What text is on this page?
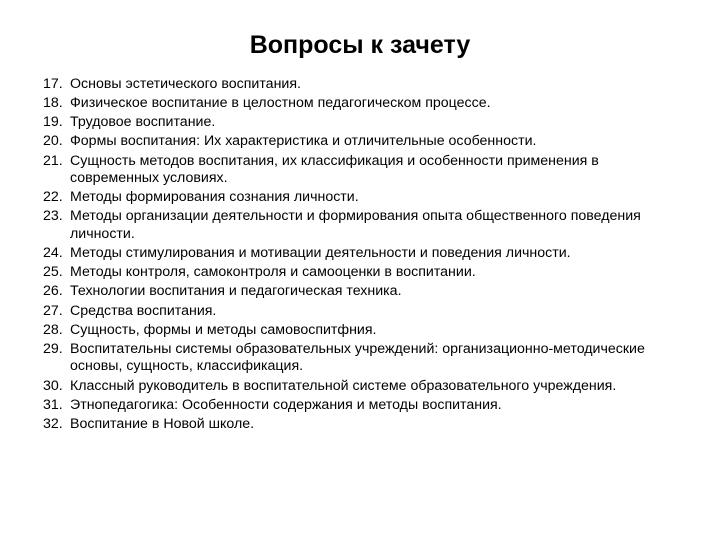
Вопросы к зачету
17. Основы эстетического воспитания.
18. Физическое воспитание в целостном педагогическом процессе.
19. Трудовое воспитание.
20. Формы воспитания: Их характеристика и отличительные особенности.
21. Сущность методов воспитания, их классификация и особенности применения в современных условиях.
22. Методы формирования сознания личности.
23. Методы организации деятельности и формирования опыта общественного поведения личности.
24. Методы стимулирования и мотивации деятельности и поведения личности.
25. Методы контроля, самоконтроля и самооценки в воспитании.
26. Технологии воспитания и педагогическая техника.
27. Средства воспитания.
28. Сущность, формы и методы самовоспитфния.
29. Воспитательны системы образовательных учреждений: организационно-методические основы, сущность, классификация.
30. Классный руководитель в воспитательной системе образовательного учреждения.
31. Этнопедагогика: Особенности содержания и методы воспитания.
32. Воспитание в Новой школе.
